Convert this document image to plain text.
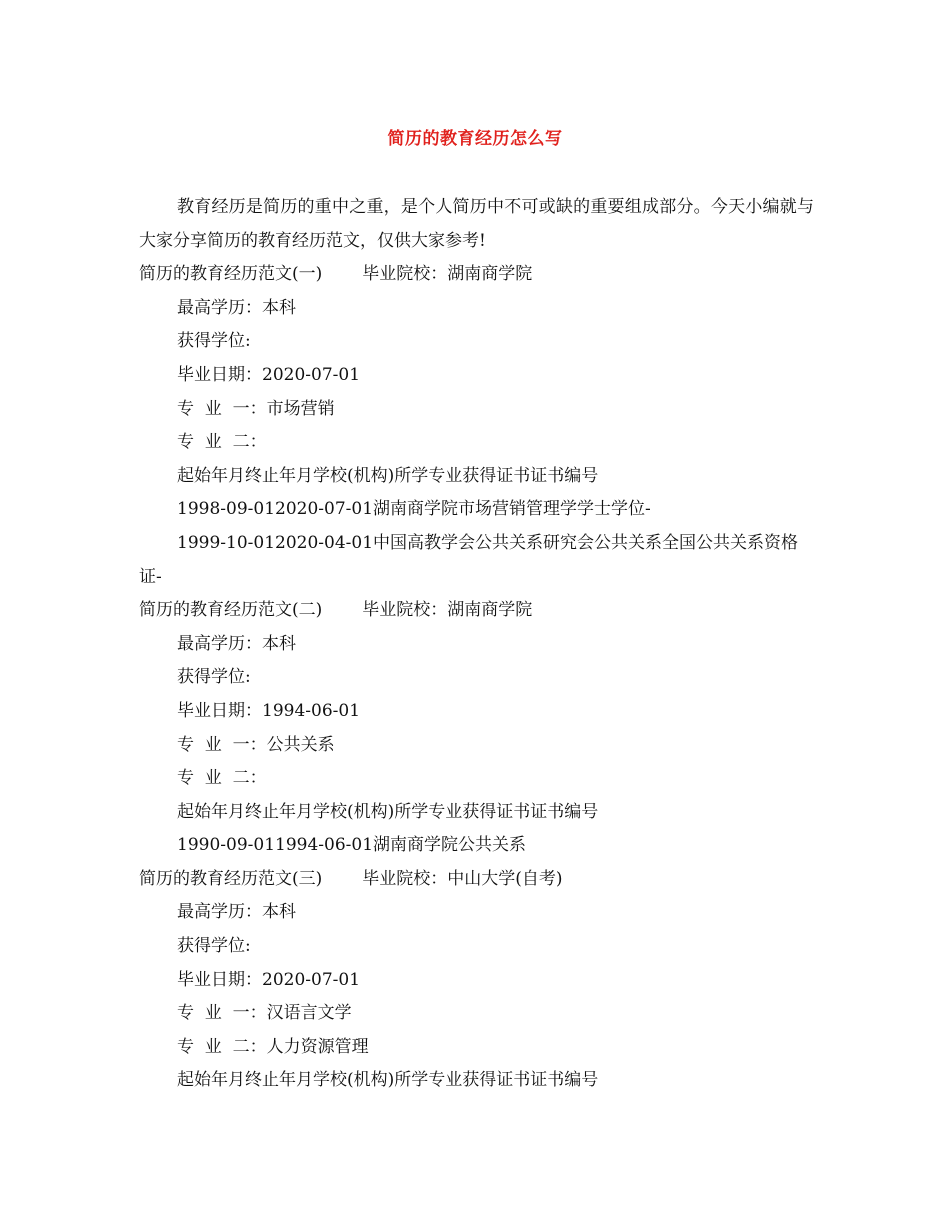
简历的教育经历怎么写
教育经历是简历的重中之重，是个人简历中不可或缺的重要组成部分。今天小编就与大家分享简历的教育经历范文，仅供大家参考!
简历的教育经历范文(一) 毕业院校：湖南商学院
最高学历：本科
获得学位:
毕业日期：2020-07-01
专  业  一：市场营销
专  业  二：
起始年月终止年月学校(机构)所学专业获得证书证书编号
1998-09-012020-07-01湖南商学院市场营销管理学学士学位-
1999-10-012020-04-01中国高教学会公共关系研究会公共关系全国公共关系资格证-
简历的教育经历范文(二) 毕业院校：湖南商学院
最高学历：本科
获得学位:
毕业日期：1994-06-01
专  业  一：公共关系
专  业  二：
起始年月终止年月学校(机构)所学专业获得证书证书编号
1990-09-011994-06-01湖南商学院公共关系
简历的教育经历范文(三) 毕业院校：中山大学(自考)
最高学历：本科
获得学位:
毕业日期：2020-07-01
专  业  一：汉语言文学
专  业  二：人力资源管理
起始年月终止年月学校(机构)所学专业获得证书证书编号
